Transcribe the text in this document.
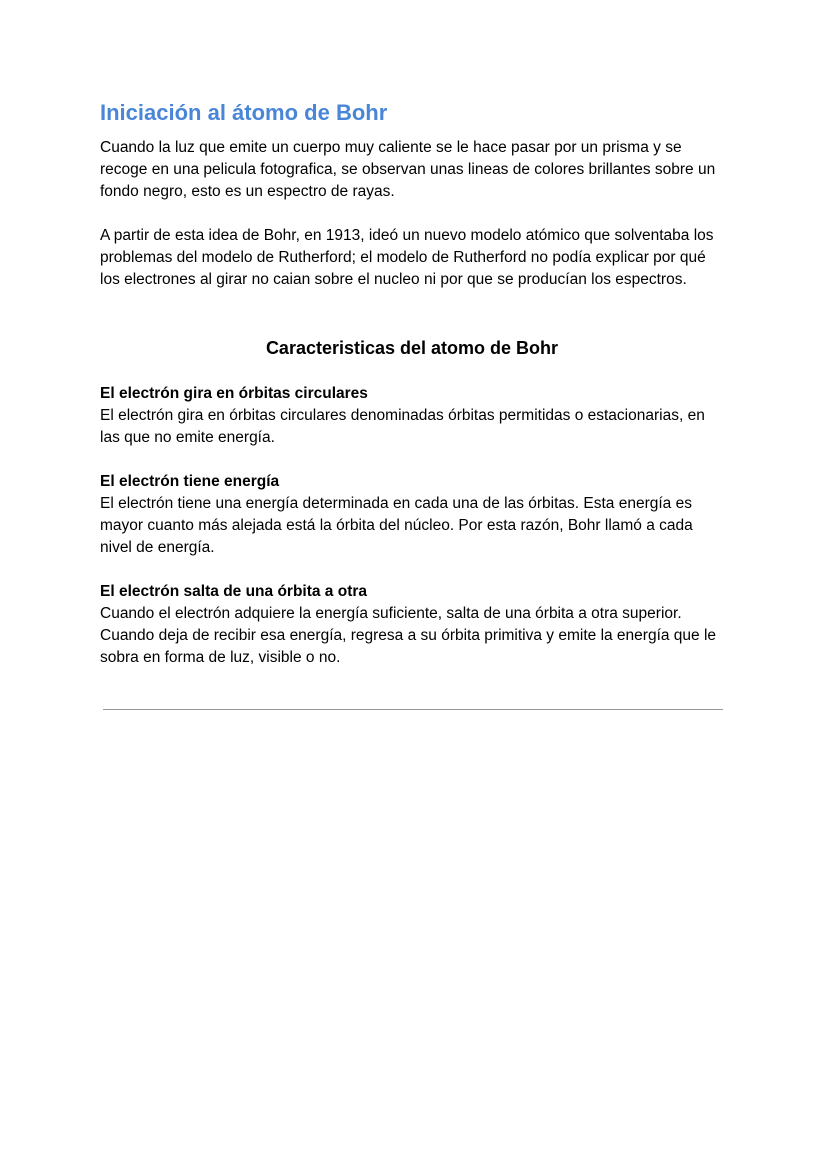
Iniciación al átomo de Bohr

Cuando la luz que emite un cuerpo muy caliente se le hace pasar por un prisma y se recoge en una pelicula fotografica, se observan unas lineas de colores brillantes sobre un fondo negro, esto es un espectro de rayas.

A partir de esta idea de Bohr, en 1913, ideó un nuevo modelo atómico que solventaba los problemas del modelo de Rutherford; el modelo de Rutherford no podía explicar por qué los electrones al girar no caian sobre el nucleo ni por que se producían los espectros.

Caracteristicas del atomo de Bohr

El electrón gira en órbitas circulares

El electrón gira en órbitas circulares denominadas órbitas permitidas o estacionarias, en las que no emite energía.

El electrón tiene energía

El electrón tiene una energía determinada en cada una de las órbitas. Esta energía es mayor cuanto más alejada está la órbita del núcleo. Por esta razón, Bohr llamó a cada nivel de energía.

El electrón salta de una órbita a otra

Cuando el electrón adquiere la energía suficiente, salta de una órbita a otra superior. Cuando deja de recibir esa energía, regresa a su órbita primitiva y emite la energía que le sobra en forma de luz, visible o no.
